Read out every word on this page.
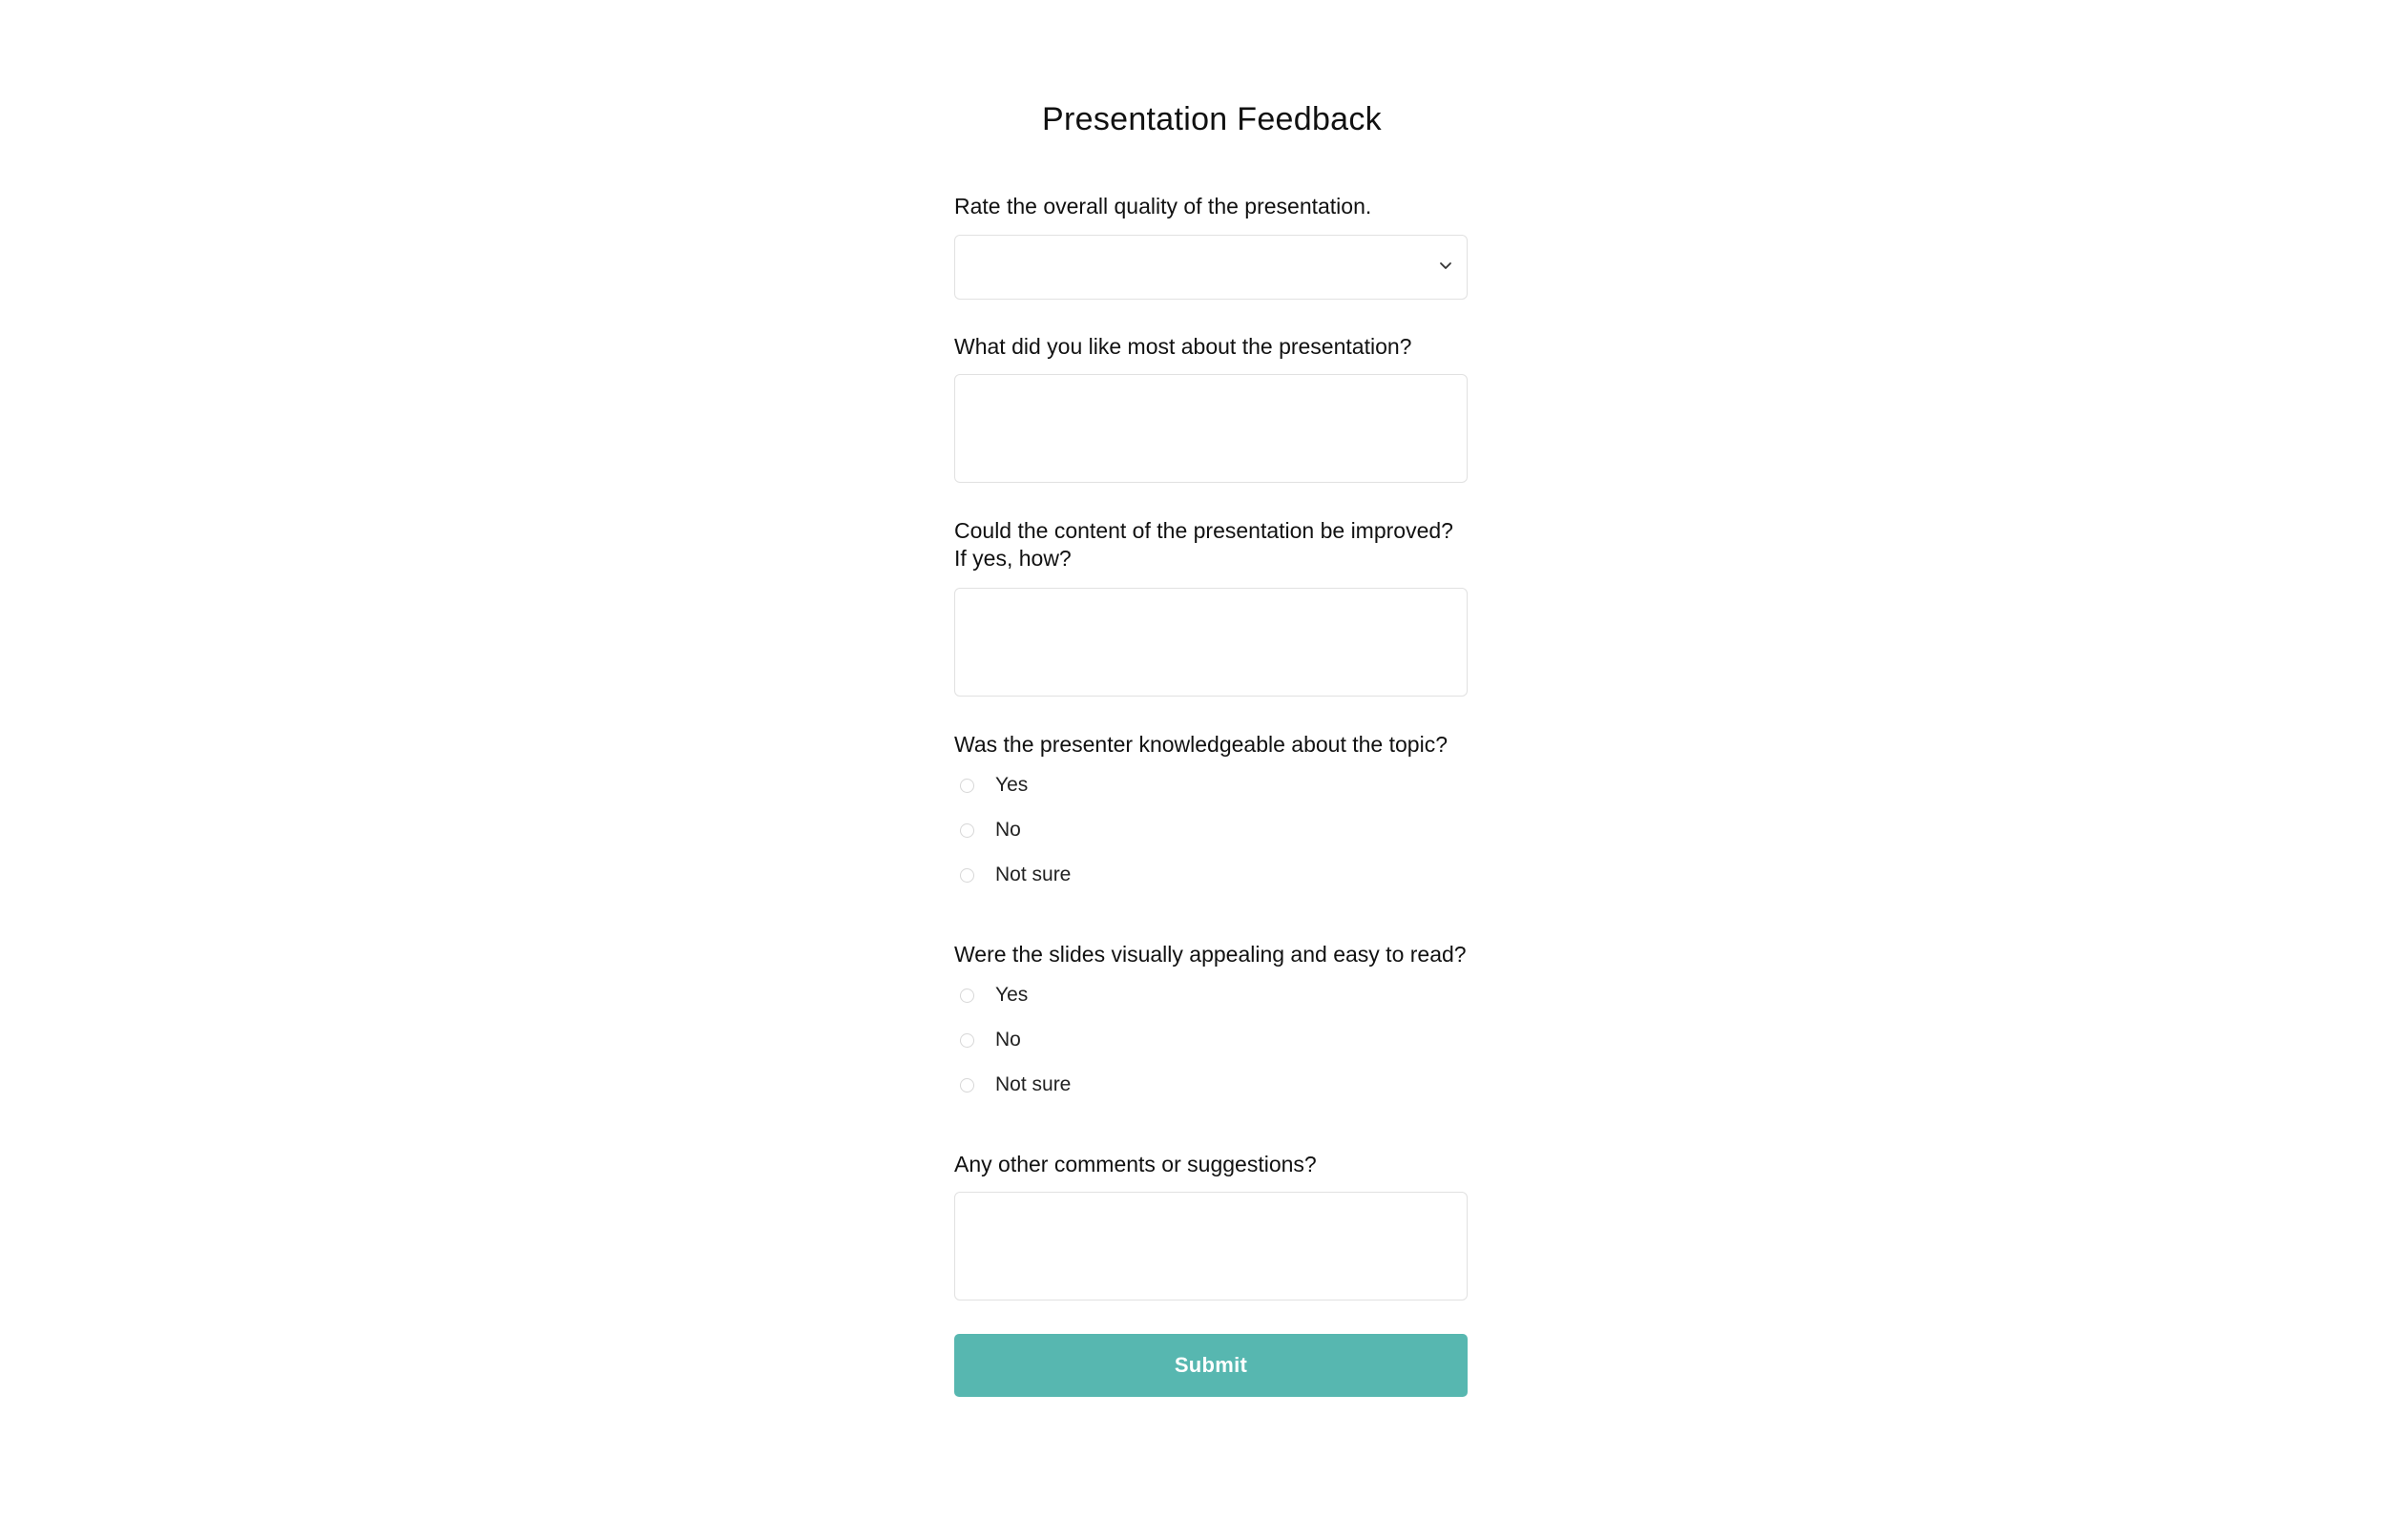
Presentation Feedback

Rate the overall quality of the presentation.

What did you like most about the presentation?

Could the content of the presentation be improved?
If yes, how?

Was the presenter knowledgeable about the topic?

Yes
No
Not sure

Were the slides visually appealing and easy to read?

Yes
No
Not sure

Any other comments or suggestions?

Submit
